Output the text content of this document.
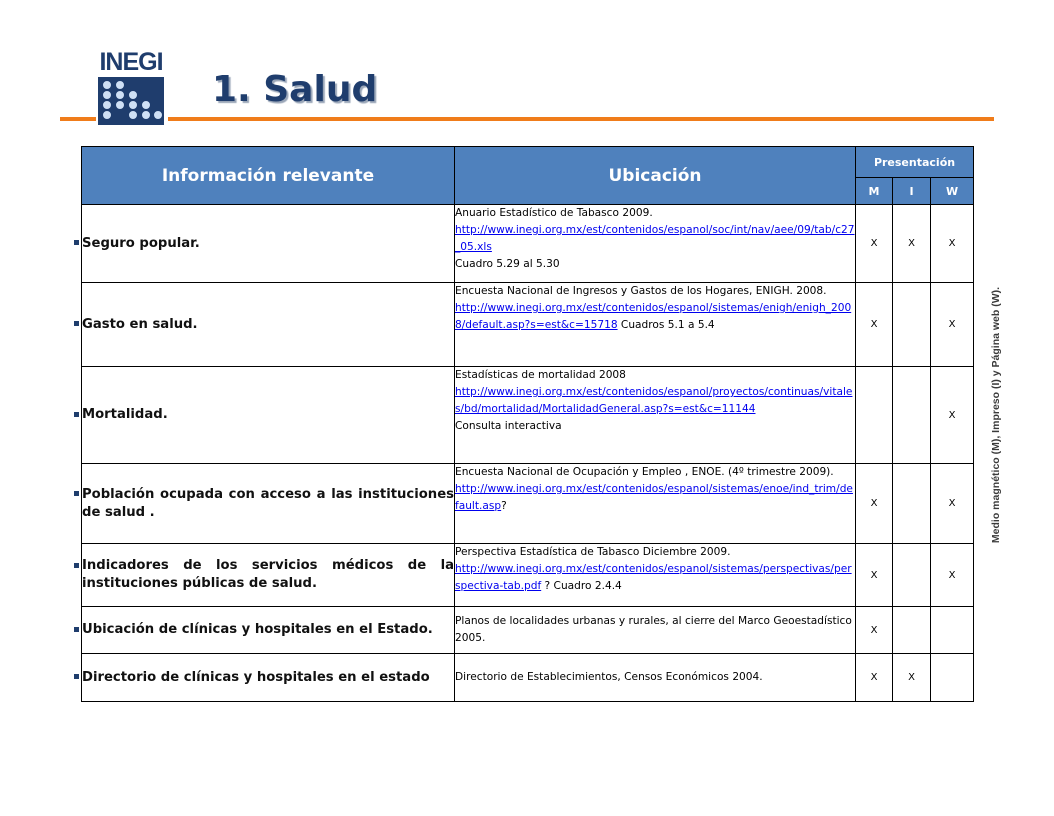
INEGI
1. Salud
Información relevante	Ubicación	Presentación		
		M	I	W
Seguro popular.	Anuario Estadístico de Tabasco 2009.
http://www.inegi.org.mx/est/contenidos/espanol/soc/int/nav/aee/09/tab/c27_05.xls
Cuadro 5.29 al 5.30	X	X	X
Gasto en salud.	Encuesta Nacional de Ingresos y Gastos de los Hogares, ENIGH. 2008.
http://www.inegi.org.mx/est/contenidos/espanol/sistemas/enigh/enigh_2008/default.asp?s=est&c=15718 Cuadros 5.1 a 5.4	X		X
Mortalidad.	Estadísticas de mortalidad 2008
http://www.inegi.org.mx/est/contenidos/espanol/proyectos/continuas/vitales/bd/mortalidad/MortalidadGeneral.asp?s=est&c=11144
Consulta interactiva			X
Población ocupada con acceso a las instituciones de salud .	Encuesta Nacional de Ocupación y Empleo , ENOE. (4º trimestre 2009).
http://www.inegi.org.mx/est/contenidos/espanol/sistemas/enoe/ind_trim/default.asp?	X		X
Indicadores de los servicios médicos de la instituciones públicas de salud.	Perspectiva Estadística de Tabasco Diciembre 2009.
http://www.inegi.org.mx/est/contenidos/espanol/sistemas/perspectivas/perspectiva-tab.pdf ? Cuadro 2.4.4	X		X
Ubicación de clínicas y hospitales en el Estado.	Planos de localidades urbanas y rurales, al cierre del Marco Geoestadístico 2005.	X		
Directorio de clínicas y hospitales en el estado	Directorio de Establecimientos, Censos Económicos 2004.	X	X	
Medio magnético (M), Impreso (I) y Página web (W).
